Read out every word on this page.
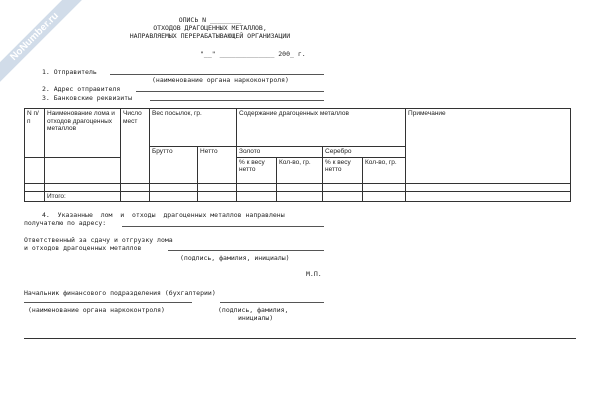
NoNumber.ru	ОПИСЬ N ________
ОТХОДОВ ДРАГОЦЕННЫХ МЕТАЛЛОВ,
НАПРАВЛЯЕМЫХ ПЕРЕРАБАТЫВАЮЩЕЙ ОРГАНИЗАЦИИ
"__" ______________ 200_ г.
1. Отправитель
(наименование органа наркоконтроля)
2. Адрес отправителя
3. Банковские реквизиты
N п/п	Наименование лома и отходов драгоценных металлов	Число мест	Вес посылок, гр.		Содержание драгоценных металлов				Примечание
			Брутто	Нетто	Золото		Серебро		
					% к весу нетто	Кол-во, гр.	% к весу нетто	Кол-во, гр.	

	Итого:								
4.  Указанные  лом  и  отходы  драгоценных металлов направлены
получателю по адресу:
Ответственный за сдачу и отгрузку лома
и отходов драгоценных металлов
(подпись, фамилия, инициалы)
М.П.
Начальник финансового подразделения (бухгалтерии)
(наименование органа наркоконтроля)	(подпись, фамилия,
инициалы)
